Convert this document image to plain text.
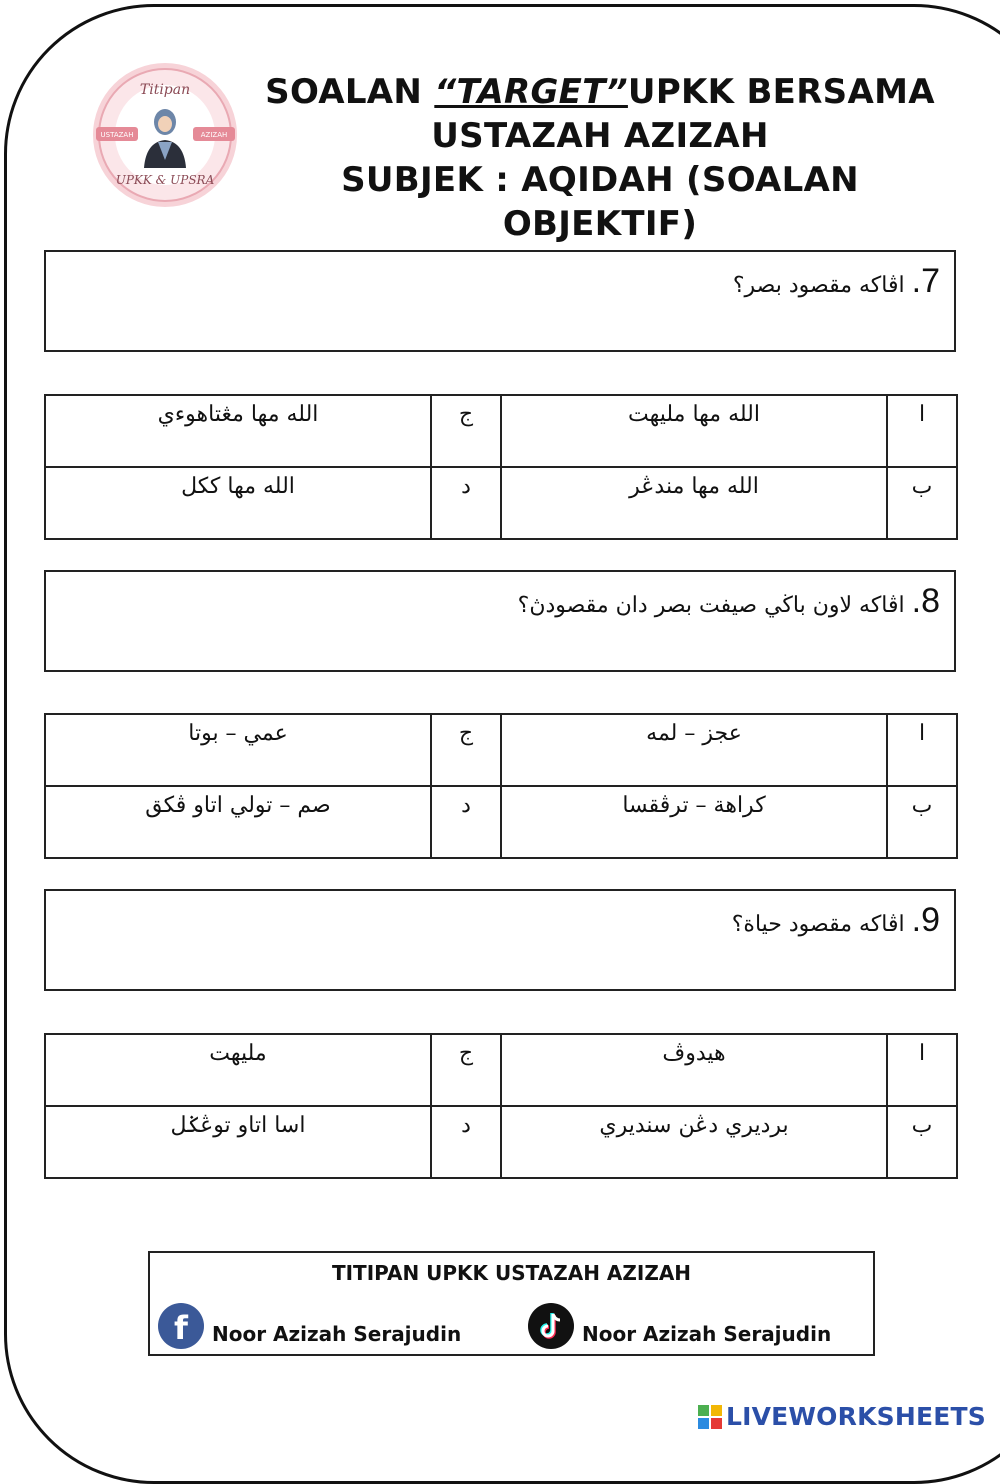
USTAZAH	AZIZAH
Titipan
UPKK & UPSRA
SOALAN “TARGET”UPKK BERSAMA
USTAZAH AZIZAH
SUBJEK : AQIDAH (SOALAN OBJEKTIF)
7. اڤاكه مقصود بصر؟
الله مها مڠتاهوءي	ج	الله مها مليهت	ا
الله مها ككل	د	الله مها مندڠر	ب
8. اڤاكه لاون باڬي صيفت بصر دان مقصودڽ؟
عمي – بوتا	ج	عجز – لمه	ا
صم – تولي اتاو ڤكق	د	كراهة – ترڤقسا	ب
9. اڤاكه مقصود حياة؟
مليهت	ج	هيدوڤ	ا
اسا اتاو توڠݢل	د	برديري دڠن سنديري	ب
TITIPAN UPKK USTAZAH AZIZAH
f Noor Azizah Serajudin	Noor Azizah Serajudin
LIVEWORKSHEETS
